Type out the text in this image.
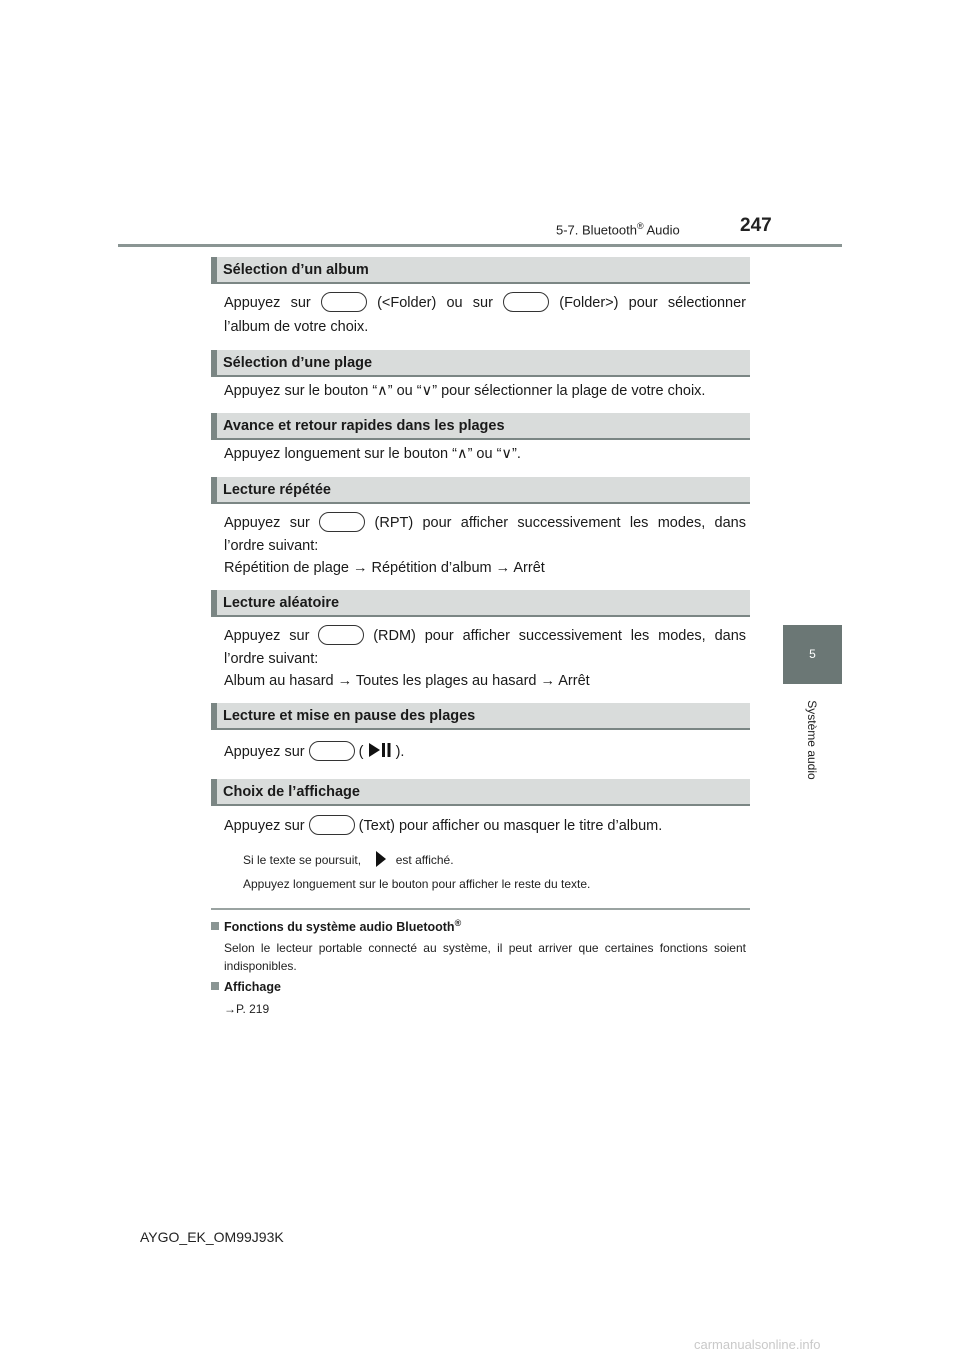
5-7. Bluetooth® Audio	247
5
Système audio
Sélection d’un album
Appuyez sur	(<Folder) ou sur	(Folder>) pour sélectionner
l’album de votre choix.
Sélection d’une plage
Appuyez sur le bouton “∧” ou “∨” pour sélectionner la plage de votre choix.
Avance et retour rapides dans les plages
Appuyez longuement sur le bouton “∧” ou “∨”.
Lecture répétée
Appuyez sur	(RPT) pour afficher successivement les modes, dans
l’ordre suivant:
Répétition de plage → Répétition d’album → Arrêt
Lecture aléatoire
Appuyez sur	(RDM) pour afficher successivement les modes, dans
l’ordre suivant:
Album au hasard → Toutes les plages au hasard → Arrêt
Lecture et mise en pause des plages
Appuyez sur	( ).
Choix de l’affichage
Appuyez sur	(Text) pour afficher ou masquer le titre d’album.
Si le texte se poursuit,	est affiché.
Appuyez longuement sur le bouton pour afficher le reste du texte.
Fonctions du système audio Bluetooth®
Selon le lecteur portable connecté au système, il peut arriver que certaines fonctions soient indisponibles.
Affichage
→P. 219
AYGO_EK_OM99J93K
carmanualsonline.info
